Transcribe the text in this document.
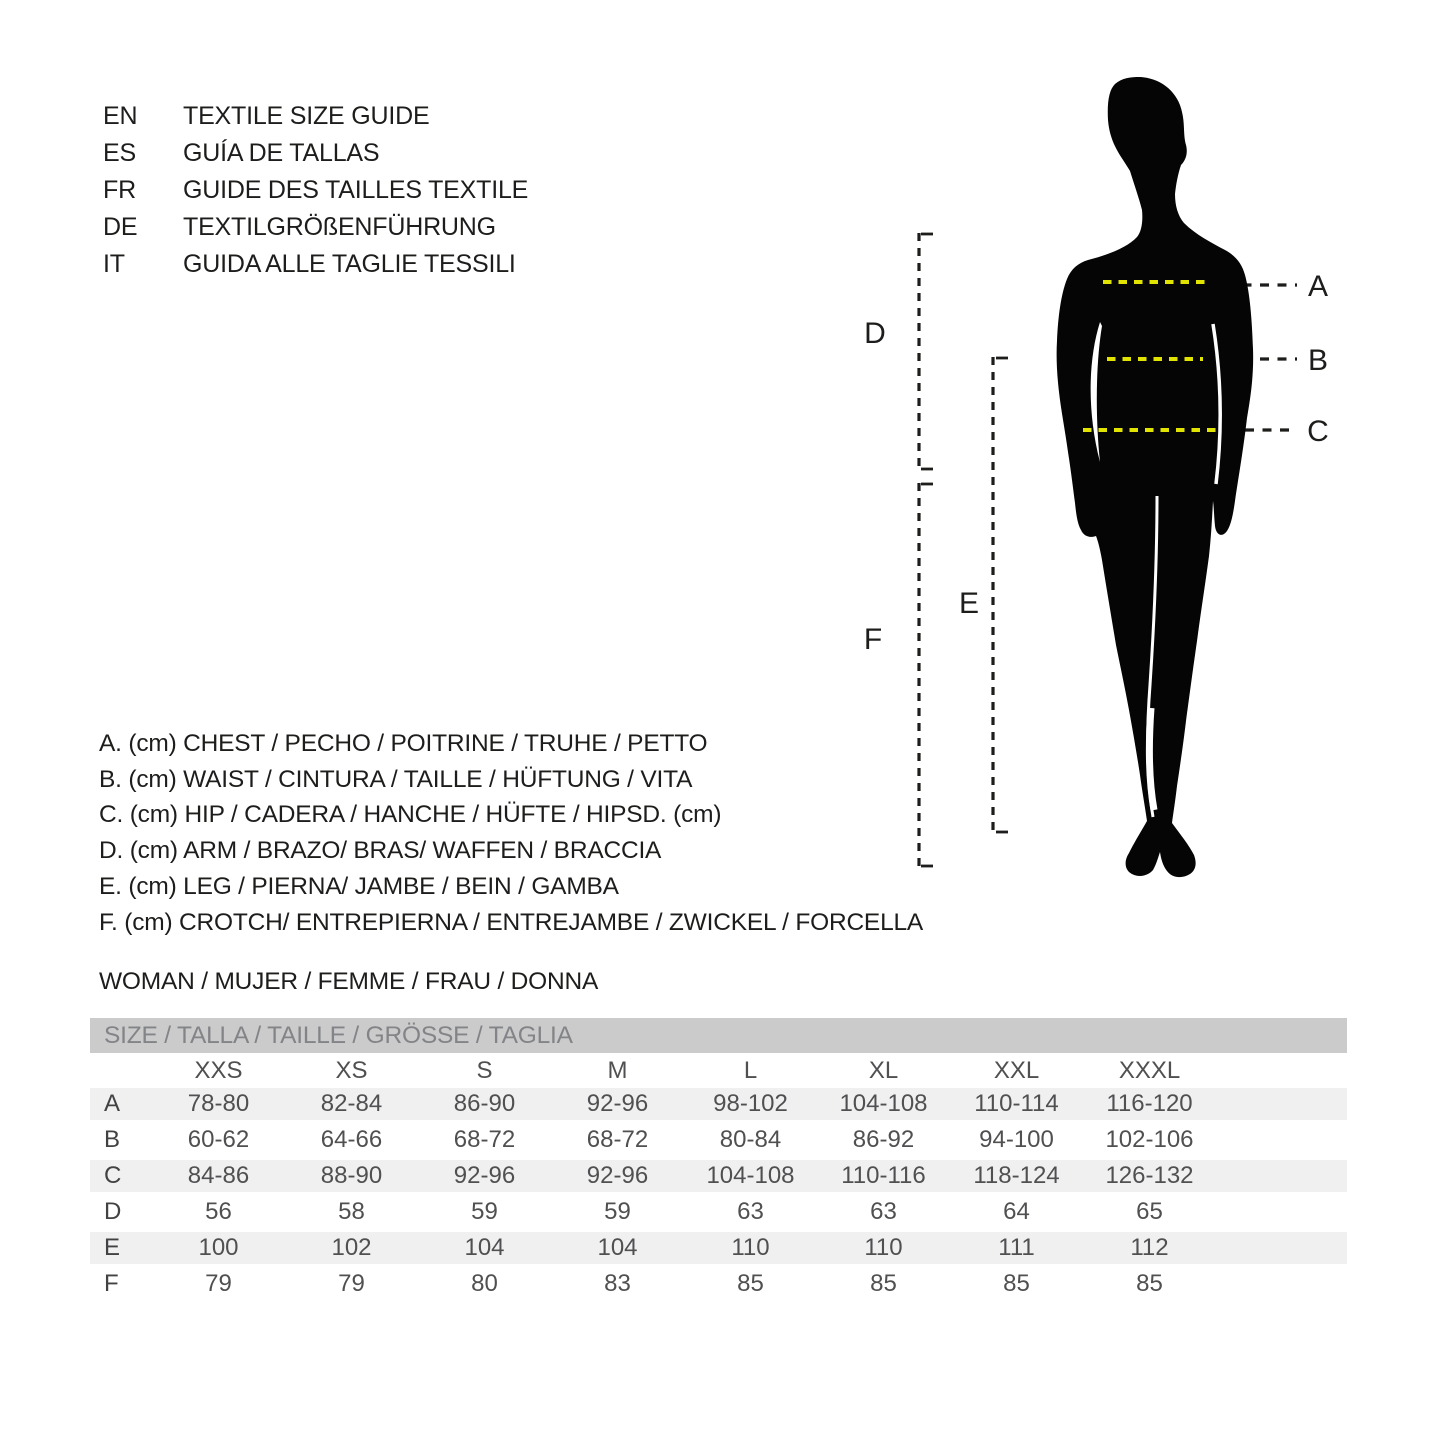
EN	TEXTILE SIZE GUIDE
ES	GUÍA DE TALLAS
FR	GUIDE DES TAILLES TEXTILE
DE	TEXTILGRÖßENFÜHRUNG
IT	GUIDA ALLE TAGLIE TESSILI
A
B
C
D
E
F
A. (cm) CHEST / PECHO / POITRINE / TRUHE / PETTO
B. (cm) WAIST / CINTURA / TAILLE / HÜFTUNG / VITA
C. (cm) HIP / CADERA / HANCHE / HÜFTE / HIPSD. (cm)
D. (cm) ARM / BRAZO/ BRAS/ WAFFEN / BRACCIA
E. (cm) LEG / PIERNA/ JAMBE / BEIN / GAMBA
F. (cm) CROTCH/ ENTREPIERNA / ENTREJAMBE / ZWICKEL / FORCELLA
WOMAN / MUJER / FEMME / FRAU / DONNA
SIZE / TALLA / TAILLE / GRÖSSE / TAGLIA
	XXS	XS	S	M	L	XL	XXL	XXXL	
A	78-80	82-84	86-90	92-96	98-102	104-108	110-114	116-120	
B	60-62	64-66	68-72	68-72	80-84	86-92	94-100	102-106	
C	84-86	88-90	92-96	92-96	104-108	110-116	118-124	126-132	
D	56	58	59	59	63	63	64	65	
E	100	102	104	104	110	110	111	112	
F	79	79	80	83	85	85	85	85	
